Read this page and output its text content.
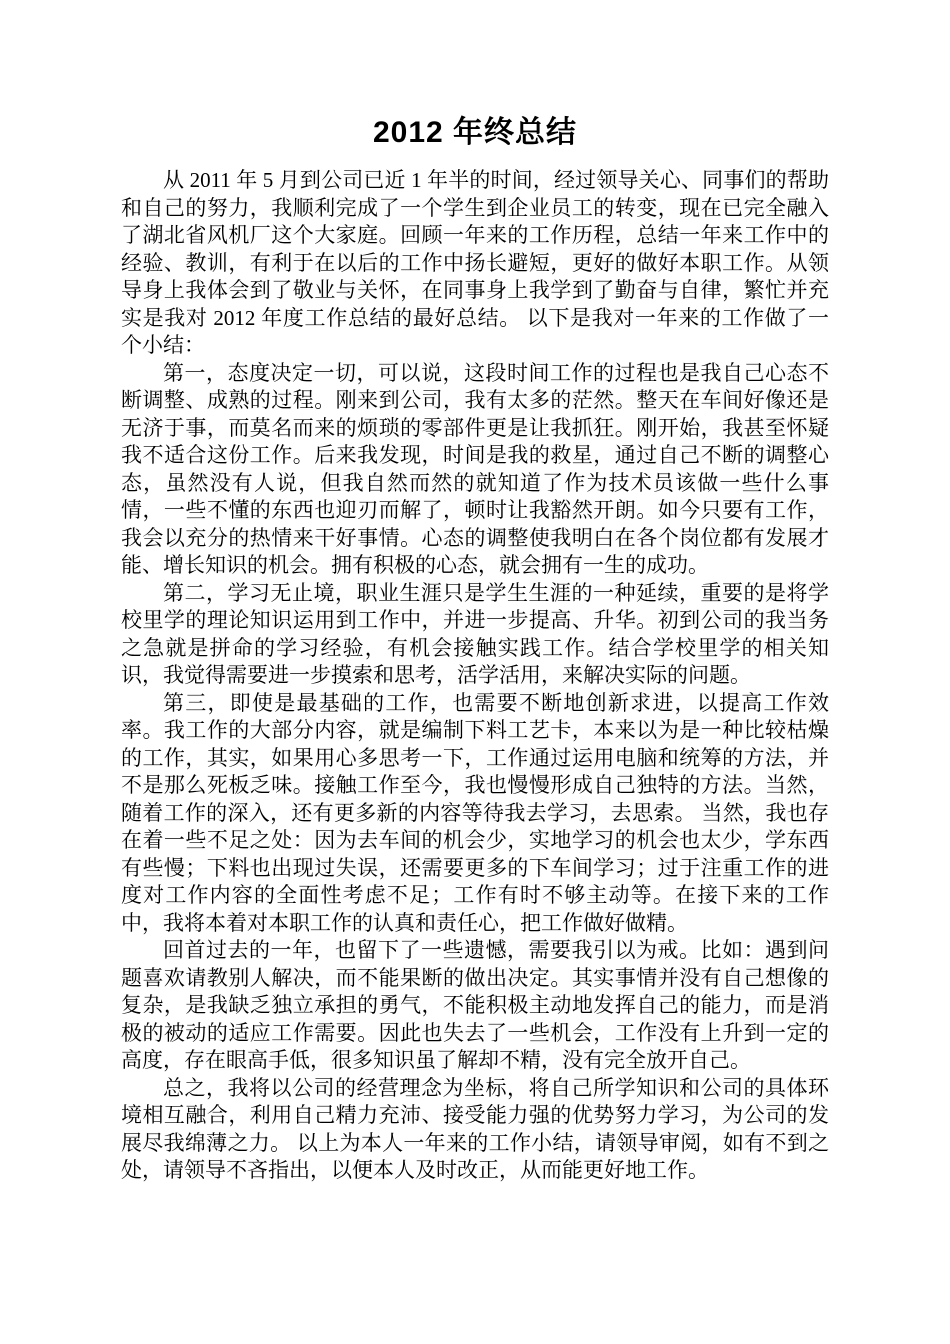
2012 年终总结

从 2011 年 5 月到公司已近 1 年半的时间，经过领导关心、同事们的帮助和自己的努力，我顺利完成了一个学生到企业员工的转变，现在已完全融入了湖北省风机厂这个大家庭。回顾一年来的工作历程，总结一年来工作中的经验、教训，有利于在以后的工作中扬长避短，更好的做好本职工作。从领导身上我体会到了敬业与关怀，在同事身上我学到了勤奋与自律，繁忙并充实是我对 2012 年度工作总结的最好总结。 以下是我对一年来的工作做了一个小结：

第一，态度决定一切，可以说，这段时间工作的过程也是我自己心态不断调整、成熟的过程。刚来到公司，我有太多的茫然。整天在车间好像还是无济于事，而莫名而来的烦琐的零部件更是让我抓狂。刚开始，我甚至怀疑我不适合这份工作。后来我发现，时间是我的救星，通过自己不断的调整心态，虽然没有人说，但我自然而然的就知道了作为技术员该做一些什么事情，一些不懂的东西也迎刃而解了，顿时让我豁然开朗。如今只要有工作，我会以充分的热情来干好事情。心态的调整使我明白在各个岗位都有发展才能、增长知识的机会。拥有积极的心态，就会拥有一生的成功。

第二，学习无止境，职业生涯只是学生生涯的一种延续，重要的是将学校里学的理论知识运用到工作中，并进一步提高、升华。初到公司的我当务之急就是拼命的学习经验，有机会接触实践工作。结合学校里学的相关知识，我觉得需要进一步摸索和思考，活学活用，来解决实际的问题。

第三，即使是最基础的工作，也需要不断地创新求进，以提高工作效率。我工作的大部分内容，就是编制下料工艺卡，本来以为是一种比较枯燥的工作，其实，如果用心多思考一下，工作通过运用电脑和统筹的方法，并不是那么死板乏味。接触工作至今，我也慢慢形成自己独特的方法。当然，随着工作的深入，还有更多新的内容等待我去学习，去思索。 当然，我也存在着一些不足之处：因为去车间的机会少，实地学习的机会也太少，学东西有些慢；下料也出现过失误，还需要更多的下车间学习；过于注重工作的进度对工作内容的全面性考虑不足；工作有时不够主动等。在接下来的工作中，我将本着对本职工作的认真和责任心，把工作做好做精。

回首过去的一年，也留下了一些遗憾，需要我引以为戒。比如：遇到问题喜欢请教别人解决，而不能果断的做出决定。其实事情并没有自己想像的复杂，是我缺乏独立承担的勇气，不能积极主动地发挥自己的能力，而是消极的被动的适应工作需要。因此也失去了一些机会，工作没有上升到一定的高度，存在眼高手低，很多知识虽了解却不精，没有完全放开自己。

总之，我将以公司的经营理念为坐标，将自己所学知识和公司的具体环境相互融合，利用自己精力充沛、接受能力强的优势努力学习，为公司的发展尽我绵薄之力。 以上为本人一年来的工作小结，请领导审阅，如有不到之处，请领导不吝指出，以便本人及时改正，从而能更好地工作。
